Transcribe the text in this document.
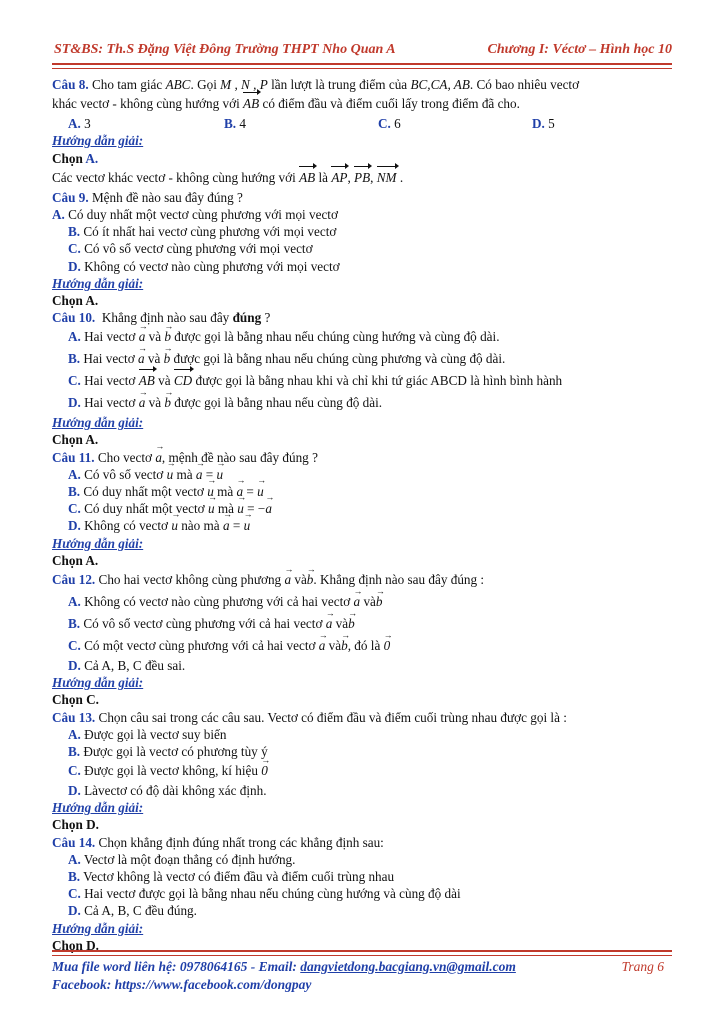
ST&BS: Th.S Đặng Việt Đông Trường THPT Nho Quan A	Chương I: Véctơ – Hình học 10
Câu 8. Cho tam giác ABC. Gọi M , N , P lần lượt là trung điểm của BC,CA, AB. Có bao nhiêu vectơ
khác vectơ - không cùng hướng với AB có điểm đầu và điểm cuối lấy trong điểm đã cho.
A. 3	B. 4	C. 6	D. 5
Hướng dẫn giải:
Chọn A.
Các vectơ khác vectơ - không cùng hướng với AB là AP, PB, NM .
Câu 9. Mệnh đề nào sau đây đúng ?
A. Có duy nhất một vectơ cùng phương với mọi vectơ
B. Có ít nhất hai vectơ cùng phương với mọi vectơ
C. Có vô số vectơ cùng phương với mọi vectơ
D. Không có vectơ nào cùng phương với mọi vectơ
Hướng dẫn giải:
Chọn A.
Câu 10. Khẳng định nào sau đây đúng ?
A. Hai vectơ a → và b → được gọi là bằng nhau nếu chúng cùng hướng và cùng độ dài.
B. Hai vectơ a → và b → được gọi là bằng nhau nếu chúng cùng phương và cùng độ dài.
C. Hai vectơ AB và CD được gọi là bằng nhau khi và chỉ khi tứ giác ABCD là hình bình hành
D. Hai vectơ a → và b → được gọi là bằng nhau nếu cùng độ dài.
Hướng dẫn giải:
Chọn A.
Câu 11. Cho vectơ a →, mệnh đề nào sau đây đúng ?
A. Có vô số vectơ u → mà a → = u →
B. Có duy nhất một vectơ u → mà a → = u →
C. Có duy nhất một vectơ u → mà u → = −a →
D. Không có vectơ u → nào mà a → = u →
Hướng dẫn giải:
Chọn A.
Câu 12. Cho hai vectơ không cùng phương a → vàb →. Khẳng định nào sau đây đúng :
A. Không có vectơ nào cùng phương với cả hai vectơ a → vàb →
B. Có vô số vectơ cùng phương với cả hai vectơ a → vàb →
C. Có một vectơ cùng phương với cả hai vectơ a → vàb →, đó là 0 →
D. Cả A, B, C đều sai.
Hướng dẫn giải:
Chọn C.
Câu 13. Chọn câu sai trong các câu sau. Vectơ có điểm đầu và điểm cuối trùng nhau được gọi là :
A. Được gọi là vectơ suy biến
B. Được gọi là vectơ có phương tùy ý
C. Được gọi là vectơ không, kí hiệu 0 →
D. Làvectơ có độ dài không xác định.
Hướng dẫn giải:
Chọn D.
Câu 14. Chọn khẳng định đúng nhất trong các khẳng định sau:
A. Vectơ là một đoạn thẳng có định hướng.
B. Vectơ không là vectơ có điểm đầu và điểm cuối trùng nhau
C. Hai vectơ được gọi là bằng nhau nếu chúng cùng hướng và cùng độ dài
D. Cả A, B, C đều đúng.
Hướng dẫn giải:
Chọn D.
Mua file word liên hệ: 0978064165 - Email: dangvietdong.bacgiang.vn@gmail.com	Trang 6
Facebook: https://www.facebook.com/dongpay
